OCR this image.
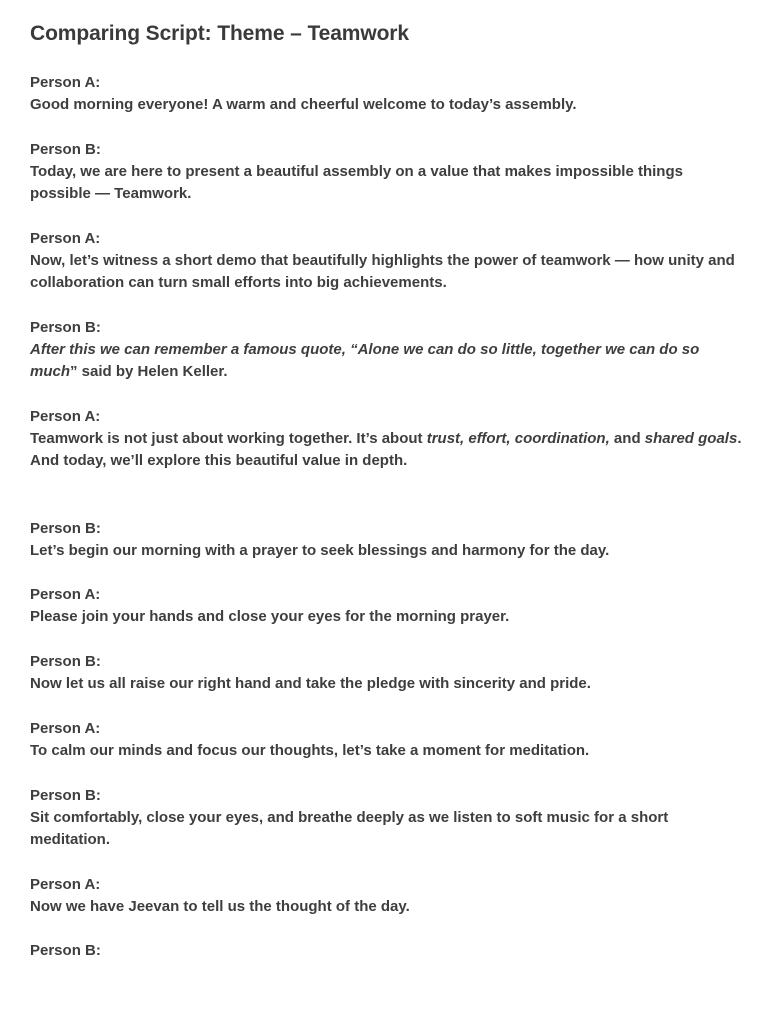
Comparing Script: Theme – Teamwork
Person A:
Good morning everyone! A warm and cheerful welcome to today’s assembly.
Person B:
Today, we are here to present a beautiful assembly on a value that makes impossible things possible — Teamwork.
Person A:
Now, let’s witness a short demo that beautifully highlights the power of teamwork — how unity and collaboration can turn small efforts into big achievements.
Person B:
After this we can remember a famous quote, “Alone we can do so little, together we can do so much” said by Helen Keller.
Person A:
Teamwork is not just about working together. It’s about trust, effort, coordination, and shared goals. And today, we’ll explore this beautiful value in depth.
Person B:
Let’s begin our morning with a prayer to seek blessings and harmony for the day.
Person A:
Please join your hands and close your eyes for the morning prayer.
Person B:
Now let us all raise our right hand and take the pledge with sincerity and pride.
Person A:
To calm our minds and focus our thoughts, let’s take a moment for meditation.
Person B:
Sit comfortably, close your eyes, and breathe deeply as we listen to soft music for a short meditation.
Person A:
Now we have Jeevan to tell us the thought of the day.
Person B:
